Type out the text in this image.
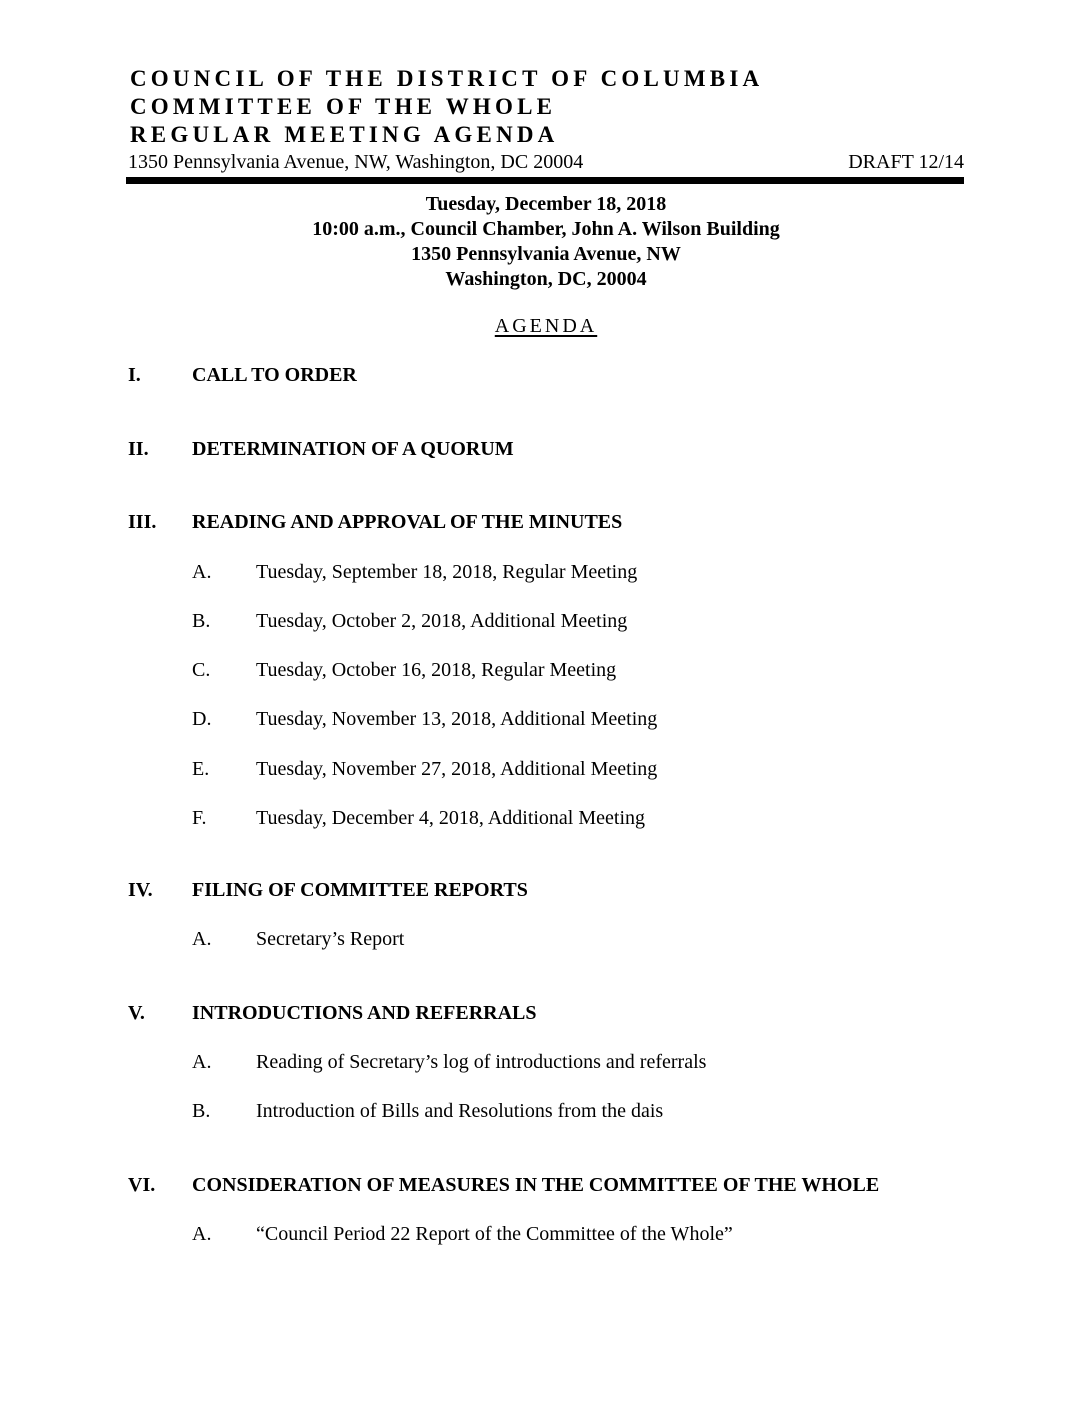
COUNCIL OF THE DISTRICT OF COLUMBIA
COMMITTEE OF THE WHOLE
REGULAR MEETING AGENDA
1350 Pennsylvania Avenue, NW, Washington, DC 20004	DRAFT 12/14
Tuesday, December 18, 2018
10:00 a.m., Council Chamber, John A. Wilson Building
1350 Pennsylvania Avenue, NW
Washington, DC, 20004
AGENDA
I.	CALL TO ORDER
II. DETERMINATION OF A QUORUM
III. READING AND APPROVAL OF THE MINUTES
A. Tuesday, September 18, 2018, Regular Meeting
B. Tuesday, October 2, 2018, Additional Meeting
C. Tuesday, October 16, 2018, Regular Meeting
D. Tuesday, November 13, 2018, Additional Meeting
E. Tuesday, November 27, 2018, Additional Meeting
F. Tuesday, December 4, 2018, Additional Meeting
IV. FILING OF COMMITTEE REPORTS
A. Secretary’s Report
V. INTRODUCTIONS AND REFERRALS
A. Reading of Secretary’s log of introductions and referrals
B. Introduction of Bills and Resolutions from the dais
VI. CONSIDERATION OF MEASURES IN THE COMMITTEE OF THE WHOLE
A. “Council Period 22 Report of the Committee of the Whole”
